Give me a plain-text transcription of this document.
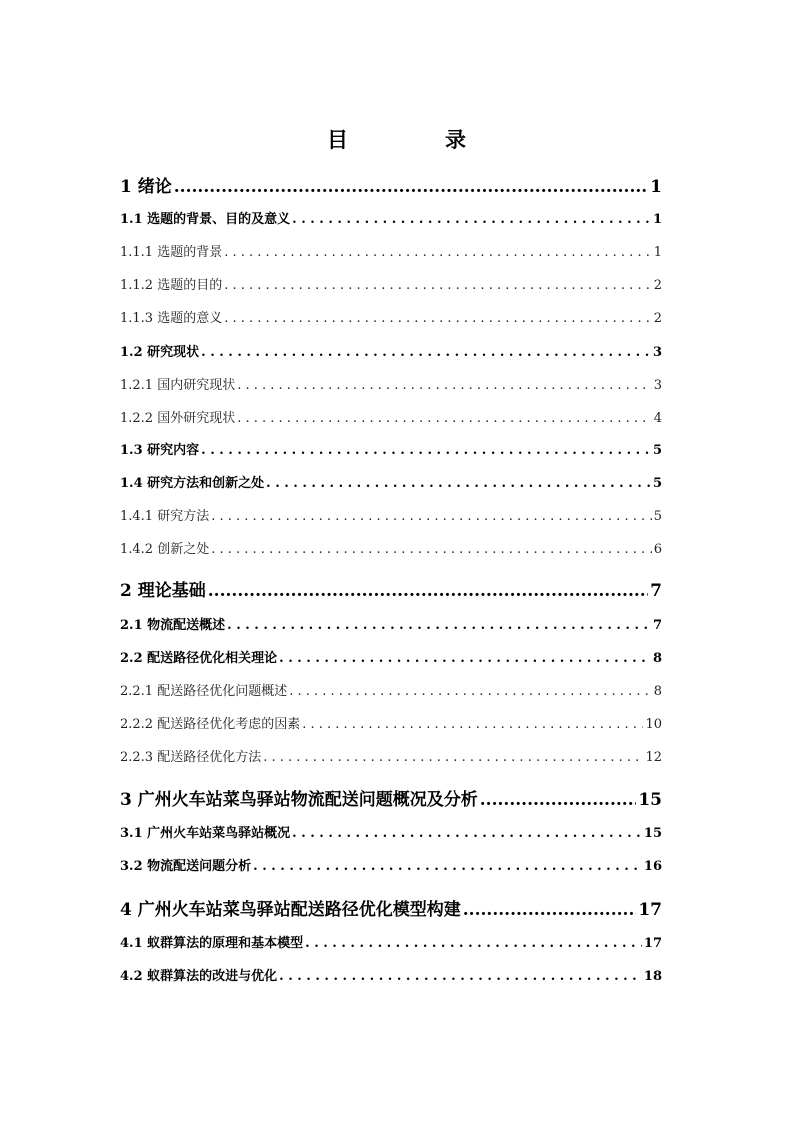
目　录
1 绪论 .....	1
1.1 选题的背景、目的及意义 . . .	1
1.1.1 选题的背景 . . .	1
1.1.2 选题的目的 . . .	2
1.1.3 选题的意义 . . .	2
1.2 研究现状 . . .	3
1.2.1 国内研究现状 . . .	3
1.2.2 国外研究现状 . . .	4
1.3 研究内容 . . .	5
1.4 研究方法和创新之处 . . .	5
1.4.1 研究方法 . . .	5
1.4.2 创新之处 . . .	6
2 理论基础 .....	7
2.1 物流配送概述 . . .	7
2.2 配送路径优化相关理论 . . .	8
2.2.1 配送路径优化问题概述 . . .	8
2.2.2 配送路径优化考虑的因素 . . .	10
2.2.3 配送路径优化方法 . . .	12
3 广州火车站菜鸟驿站物流配送问题概况及分析 .....	15
3.1 广州火车站菜鸟驿站概况 . . .	15
3.2 物流配送问题分析 . . .	16
4 广州火车站菜鸟驿站配送路径优化模型构建 .....	17
4.1 蚁群算法的原理和基本模型 . . .	17
4.2 蚁群算法的改进与优化 . . .	18
